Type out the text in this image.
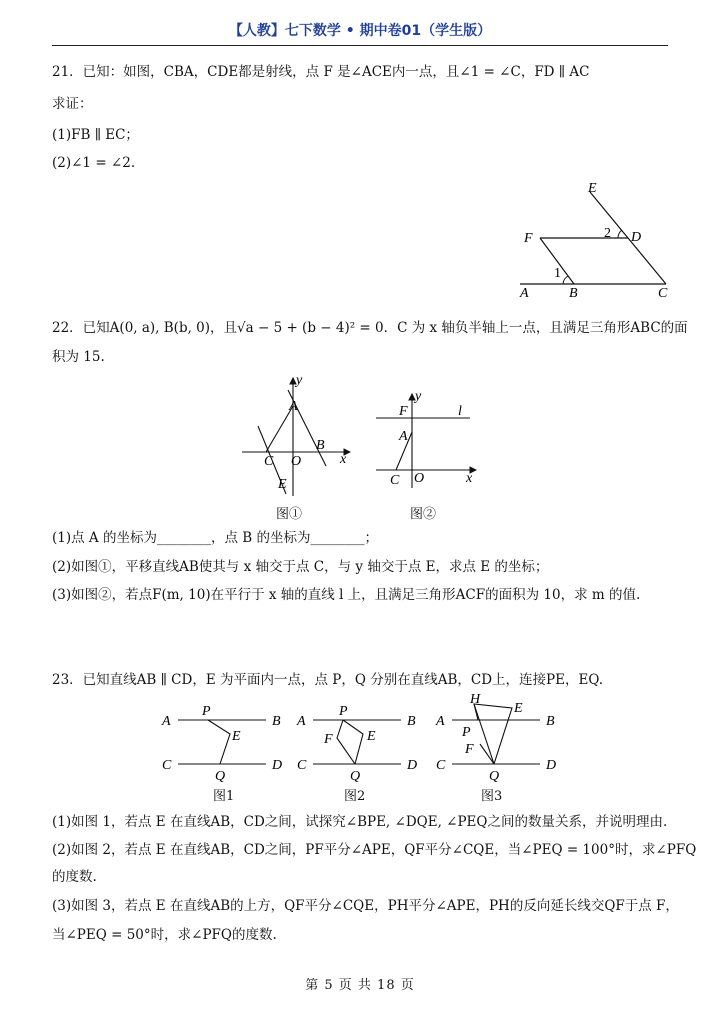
【人教】七下数学 • 期中卷01（学生版）
21．已知：如图，CBA，CDE都是射线，点 F 是∠ACE内一点，且∠1 = ∠C，FD ∥ AC
求证：
(1)FB ∥ EC；
(2)∠1 = ∠2.
E
F	D
A	B	C
1
2
22．已知A(0, a), B(b, 0)，且√a − 5 + (b − 4)² = 0．C 为 x 轴负半轴上一点，且满足三角形ABC的面
积为 15.
y
A
B
C O	x
E
图①
y
F	l
A
C O	x
图②
(1)点 A 的坐标为________，点 B 的坐标为________；
(2)如图①，平移直线AB使其与 x 轴交于点 C，与 y 轴交于点 E，求点 E 的坐标；
(3)如图②，若点F(m, 10)在平行于 x 轴的直线 l 上，且满足三角形ACF的面积为 10，求 m 的值.
23．已知直线AB ∥ CD，E 为平面内一点，点 P，Q 分别在直线AB，CD上，连接PE，EQ.
A
P
B
E
C
Q
D
图1
A
P
B
F E
C
Q
D
图2
H
E
A
P
B
F
C
Q
D
图3
(1)如图 1，若点 E 在直线AB，CD之间，试探究∠BPE, ∠DQE, ∠PEQ之间的数量关系，并说明理由.
(2)如图 2，若点 E 在直线AB，CD之间，PF平分∠APE，QF平分∠CQE，当∠PEQ = 100°时，求∠PFQ
的度数.
(3)如图 3，若点 E 在直线AB的上方，QF平分∠CQE，PH平分∠APE，PH的反向延长线交QF于点 F，
当∠PEQ = 50°时，求∠PFQ的度数.
第 5 页 共 18 页
